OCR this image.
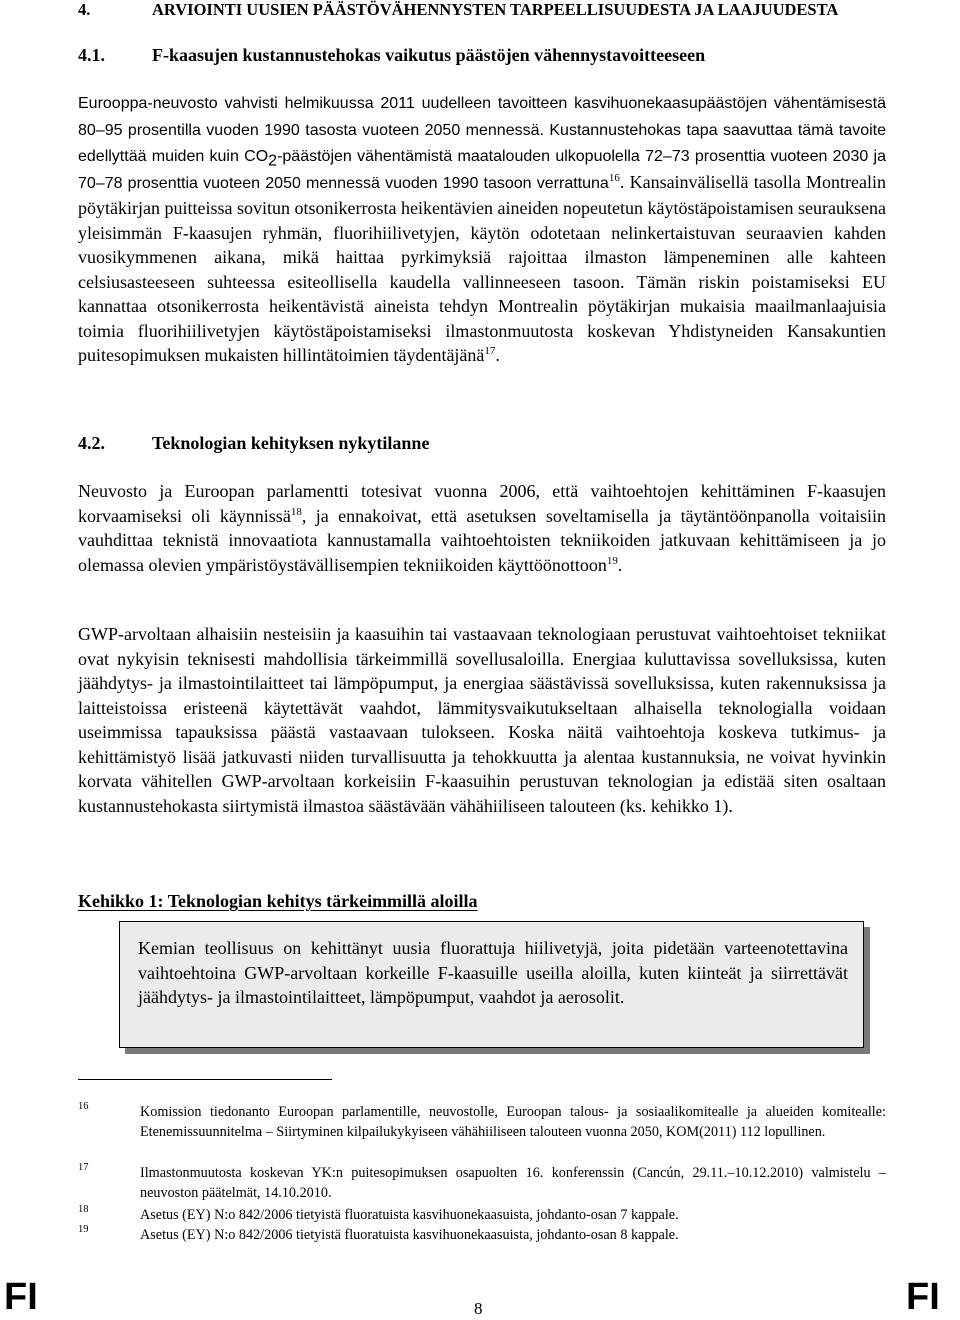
4.	ARVIOINTI UUSIEN PÄÄSTÖVÄHENNYSTEN TARPEELLISUUDESTA JA LAAJUUDESTA
4.1.	F-kaasujen kustannustehokas vaikutus päästöjen vähennystavoitteeseen
Eurooppa-neuvosto vahvisti helmikuussa 2011 uudelleen tavoitteen kasvihuonekaasupäästöjen vähentämisestä 80–95 prosentilla vuoden 1990 tasosta vuoteen 2050 mennessä. Kustannustehokas tapa saavuttaa tämä tavoite edellyttää muiden kuin $CO_2$-päästöjen vähentämistä maatalouden ulkopuolella 72–73 prosenttia vuoteen 2030 ja 70–78 prosenttia vuoteen 2050 mennessä vuoden 1990 tasoon verrattuna$^{16}$. Kansainvälisellä tasolla Montrealin pöytäkirjan puitteissa sovitun otsonikerrosta heikentävien aineiden nopeutetun käytöstäpoistamisen seurauksena yleisimmän F-kaasujen ryhmän, fluorihiilivetyjen, käytön odotetaan nelinkertaistuvan seuraavien kahden vuosikymmenen aikana, mikä haittaa pyrkimyksiä rajoittaa ilmaston lämpeneminen alle kahteen celsiusasteeseen suhteessa esiteollisella kaudella vallinneeseen tasoon. Tämän riskin poistamiseksi EU kannattaa otsonikerrosta heikentävistä aineista tehdyn Montrealin pöytäkirjan mukaisia maailmanlaajuisia toimia fluorihiilivetyjen käytöstäpoistamiseksi ilmastonmuutosta koskevan Yhdistyneiden Kansakuntien puitesopimuksen mukaisten hillintätoimien täydentäjänä$^{17}$.
4.2.	Teknologian kehityksen nykytilanne
Neuvosto ja Euroopan parlamentti totesivat vuonna 2006, että vaihtoehtojen kehittäminen F-kaasujen korvaamiseksi oli käynnissä$^{18}$, ja ennakoivat, että asetuksen soveltamisella ja täytäntöönpanolla voitaisiin vauhdittaa teknistä innovaatiota kannustamalla vaihtoehtoisten tekniikoiden jatkuvaan kehittämiseen ja jo olemassa olevien ympäristöystävällisempien tekniikoiden käyttöönottoon$^{19}$.
GWP-arvoltaan alhaisiin nesteisiin ja kaasuihin tai vastaavaan teknologiaan perustuvat vaihtoehtoiset tekniikat ovat nykyisin teknisesti mahdollisia tärkeimmillä sovellusaloilla. Energiaa kuluttavissa sovelluksissa, kuten jäähdytys- ja ilmastointilaitteet tai lämpöpumput, ja energiaa säästävissä sovelluksissa, kuten rakennuksissa ja laitteistoissa eristeenä käytettävät vaahdot, lämmitysvaikutukseltaan alhaisella teknologialla voidaan useimmissa tapauksissa päästä vastaavaan tulokseen. Koska näitä vaihtoehtoja koskeva tutkimus- ja kehittämistyö lisää jatkuvasti niiden turvallisuutta ja tehokkuutta ja alentaa kustannuksia, ne voivat hyvinkin korvata vähitellen GWP-arvoltaan korkeisiin F-kaasuihin perustuvan teknologian ja edistää siten osaltaan kustannustehokasta siirtymistä ilmastoa säästävään vähähiiliseen talouteen (ks. kehikko 1).
Kehikko 1: Teknologian kehitys tärkeimmillä aloilla
Kemian teollisuus on kehittänyt uusia fluorattuja hiilivetyjä, joita pidetään varteenotettavina vaihtoehtoina GWP-arvoltaan korkeille F-kaasuille useilla aloilla, kuten kiinteät ja siirrettävät jäähdytys- ja ilmastointilaitteet, lämpöpumput, vaahdot ja aerosolit.
16	Komission tiedonanto Euroopan parlamentille, neuvostolle, Euroopan talous- ja sosiaalikomitealle ja alueiden komitealle: Etenemissuunnitelma – Siirtyminen kilpailukykyiseen vähähiiliseen talouteen vuonna 2050, KOM(2011) 112 lopullinen.
17	Ilmastonmuutosta koskevan YK:n puitesopimuksen osapuolten 16. konferenssin (Cancún, 29.11.–10.12.2010) valmistelu – neuvoston päätelmät, 14.10.2010.
18	Asetus (EY) N:o 842/2006 tietyistä fluoratuista kasvihuonekaasuista, johdanto-osan 7 kappale.
19	Asetus (EY) N:o 842/2006 tietyistä fluoratuista kasvihuonekaasuista, johdanto-osan 8 kappale.
FI	8	FI
